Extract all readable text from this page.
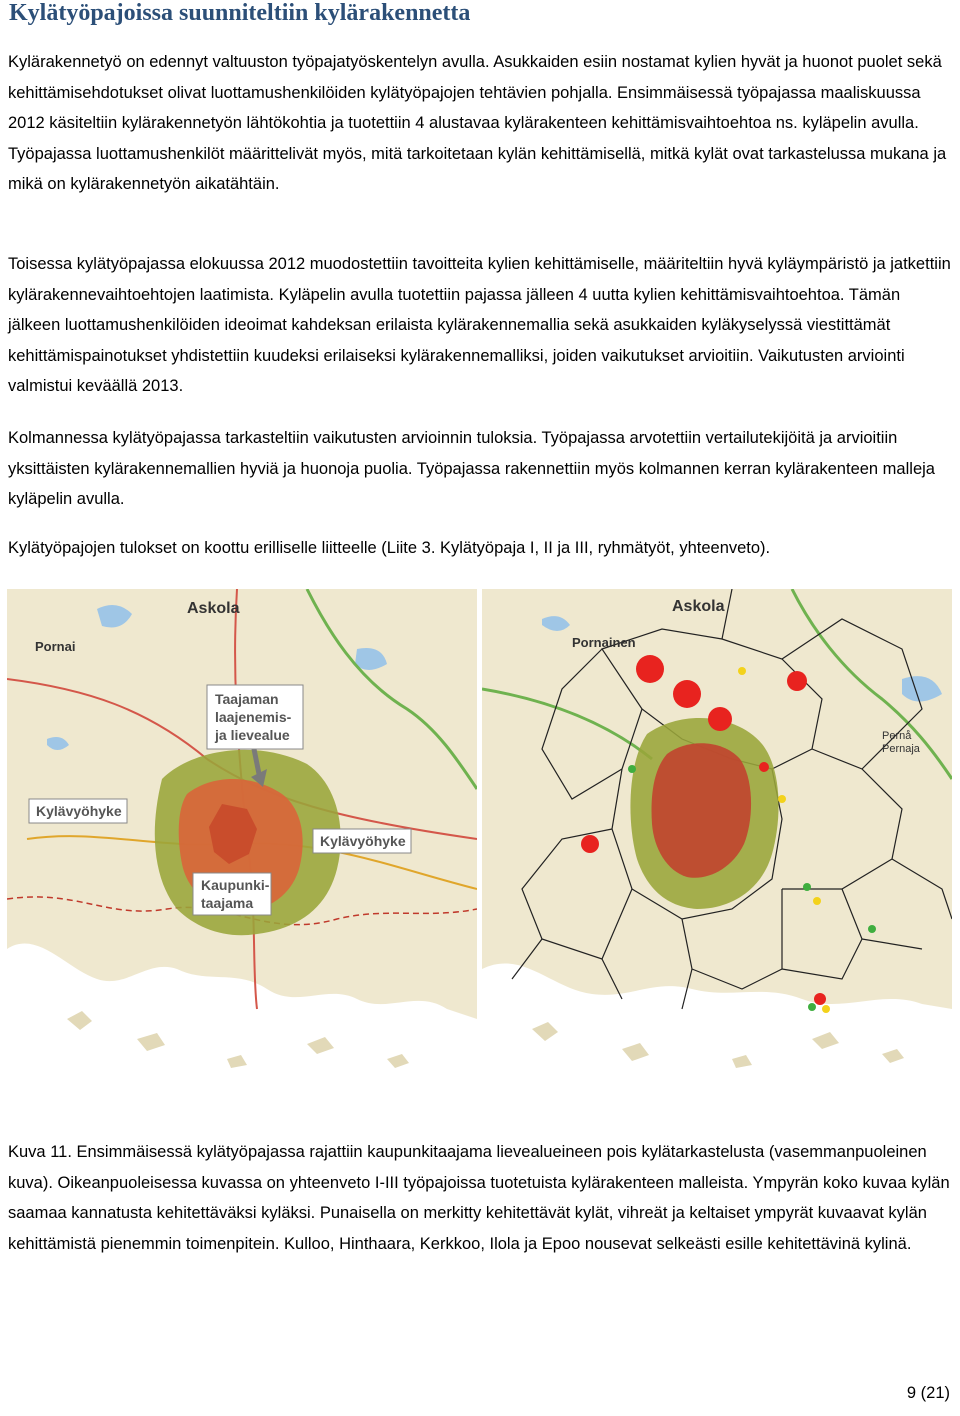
Kylätyöpajoissa suunniteltiin kylärakennetta

Kylärakennetyö on edennyt valtuuston työpajatyöskentelyn avulla. Asukkaiden esiin nostamat kylien hyvät ja huonot puolet sekä kehittämisehdotukset olivat luottamushenkilöiden kylätyöpajojen tehtävien pohjalla. Ensimmäisessä työpajassa maaliskuussa 2012 käsiteltiin kylärakennetyön lähtökohtia ja tuotettiin 4 alustavaa kylärakenteen kehittämisvaihtoehtoa ns. kyläpelin avulla. Työpajassa luottamushenkilöt määrittelivät myös, mitä tarkoitetaan kylän kehittämisellä, mitkä kylät ovat tarkastelussa mukana ja mikä on kylärakennetyön aikatähtäin.

Toisessa kylätyöpajassa elokuussa 2012 muodostettiin tavoitteita kylien kehittämiselle, määriteltiin hyvä kyläympäristö ja jatkettiin kylärakennevaihtoehtojen laatimista. Kyläpelin avulla tuotettiin pajassa jälleen 4 uutta kylien kehittämisvaihtoehtoa. Tämän jälkeen luottamushenkilöiden ideoimat kahdeksan erilaista kylärakennemallia sekä asukkaiden kyläkyselyssä viestittämät kehittämispainotukset yhdistettiin kuudeksi erilaiseksi kylärakennemalliksi, joiden vaikutukset arvioitiin. Vaikutusten arviointi valmistui keväällä 2013.

Kolmannessa kylätyöpajassa tarkasteltiin vaikutusten arvioinnin tuloksia. Työpajassa arvotettiin vertailutekijöitä ja arvioitiin yksittäisten kylärakennemallien hyviä ja huonoja puolia. Työpajassa rakennettiin myös kolmannen kerran kylärakenteen malleja kyläpelin avulla.

Kylätyöpajojen tulokset on koottu erilliselle liitteelle (Liite 3. Kylätyöpaja I, II ja III, ryhmätyöt, yhteenveto).

Taajaman
laajenemis-
ja lievealue
Kylävyöhyke
Kylävyöhyke
Kaupunki-
taajama
Askola
Pornai
Askola
Pornainen
Pernå
Pernaja

Kuva 11. Ensimmäisessä kylätyöpajassa rajattiin kaupunkitaajama lievealueineen pois kylätarkastelusta (vasemmanpuoleinen kuva). Oikeanpuoleisessa kuvassa on yhteenveto I-III työpajoissa tuotetuista kylärakenteen malleista. Ympyrän koko kuvaa kylän saamaa kannatusta kehitettäväksi kyläksi. Punaisella on merkitty kehitettävät kylät, vihreät ja keltaiset ympyrät kuvaavat kylän kehittämistä pienemmin toimenpitein. Kulloo, Hinthaara, Kerkkoo, Ilola ja Epoo nousevat selkeästi esille kehitettävinä kylinä.

9 (21)
